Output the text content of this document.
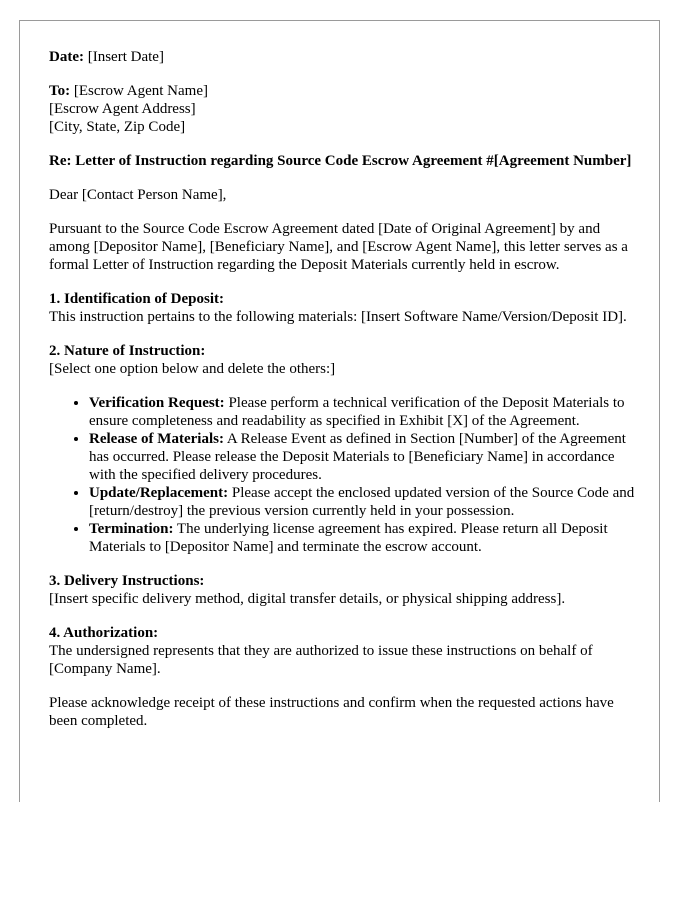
Date: [Insert Date]

To: [Escrow Agent Name]
[Escrow Agent Address]
[City, State, Zip Code]

Re: Letter of Instruction regarding Source Code Escrow Agreement #[Agreement Number]

Dear [Contact Person Name],

Pursuant to the Source Code Escrow Agreement dated [Date of Original Agreement] by and among [Depositor Name], [Beneficiary Name], and [Escrow Agent Name], this letter serves as a formal Letter of Instruction regarding the Deposit Materials currently held in escrow.

1. Identification of Deposit:
This instruction pertains to the following materials: [Insert Software Name/Version/Deposit ID].

2. Nature of Instruction:
[Select one option below and delete the others:]

• Verification Request: Please perform a technical verification of the Deposit Materials to ensure completeness and readability as specified in Exhibit [X] of the Agreement.
• Release of Materials: A Release Event as defined in Section [Number] of the Agreement has occurred. Please release the Deposit Materials to [Beneficiary Name] in accordance with the specified delivery procedures.
• Update/Replacement: Please accept the enclosed updated version of the Source Code and [return/destroy] the previous version currently held in your possession.
• Termination: The underlying license agreement has expired. Please return all Deposit Materials to [Depositor Name] and terminate the escrow account.

3. Delivery Instructions:
[Insert specific delivery method, digital transfer details, or physical shipping address].

4. Authorization:
The undersigned represents that they are authorized to issue these instructions on behalf of [Company Name].

Please acknowledge receipt of these instructions and confirm when the requested actions have been completed.
